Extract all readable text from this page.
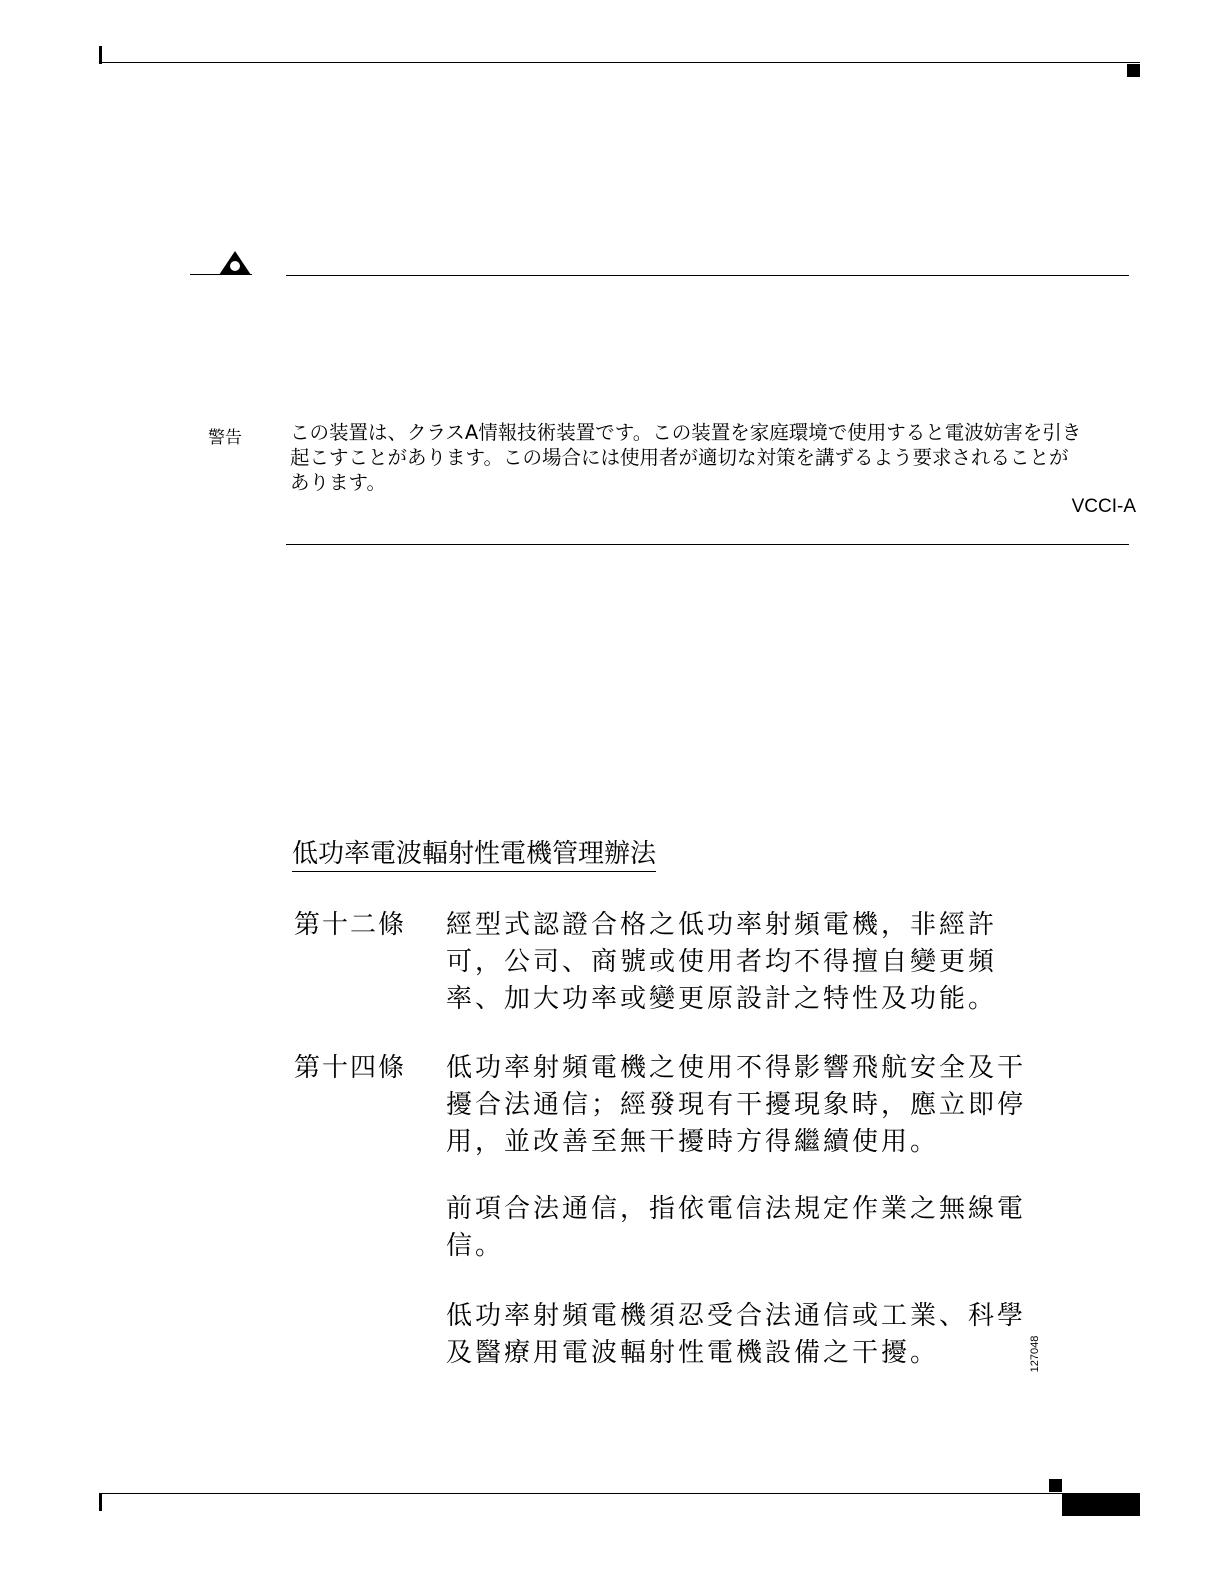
警告 この装置は、クラスA情報技術装置です。この装置を家庭環境で使用すると電波妨害を引き
起こすことがあります。この場合には使用者が適切な対策を講ずるよう要求されることが
あります。
VCCI-A
低功率電波輻射性電機管理辦法
第十二條 經型式認證合格之低功率射頻電機，非經許
可，公司、商號或使用者均不得擅自變更頻
率、加大功率或變更原設計之特性及功能。
第十四條 低功率射頻電機之使用不得影響飛航安全及干
擾合法通信；經發現有干擾現象時，應立即停
用，並改善至無干擾時方得繼續使用。
前項合法通信，指依電信法規定作業之無線電
信。
低功率射頻電機須忍受合法通信或工業、科學
及醫療用電波輻射性電機設備之干擾。	127048
